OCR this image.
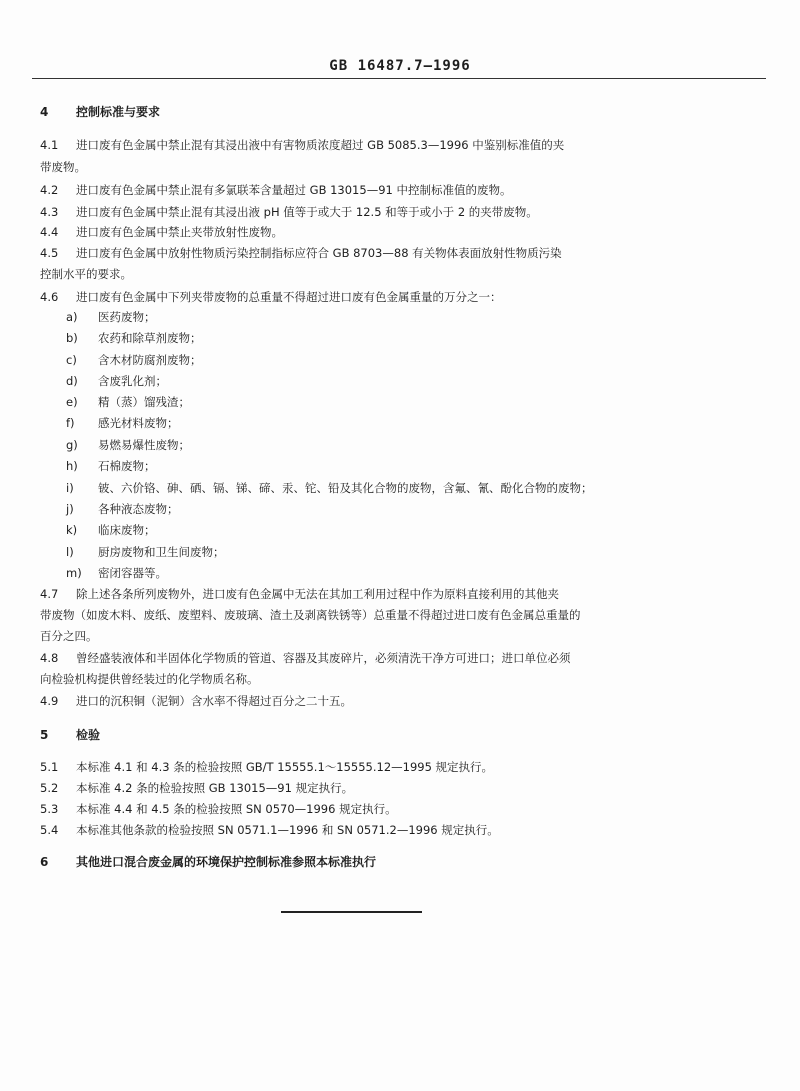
GB 16487.7—1996
4 控制标准与要求
4.1 进口废有色金属中禁止混有其浸出液中有害物质浓度超过 GB 5085.3—1996 中鉴别标准值的夹
带废物。
4.2 进口废有色金属中禁止混有多氯联苯含量超过 GB 13015—91 中控制标准值的废物。
4.3 进口废有色金属中禁止混有其浸出液 pH 值等于或大于 12.5 和等于或小于 2 的夹带废物。
4.4 进口废有色金属中禁止夹带放射性废物。
4.5 进口废有色金属中放射性物质污染控制指标应符合 GB 8703—88 有关物体表面放射性物质污染
控制水平的要求。
4.6 进口废有色金属中下列夹带废物的总重量不得超过进口废有色金属重量的万分之一：
a) 医药废物；
b) 农药和除草剂废物；
c) 含木材防腐剂废物；
d) 含废乳化剂；
e) 精（蒸）馏残渣；
f) 感光材料废物；
g) 易燃易爆性废物；
h) 石棉废物；
i) 铍、六价铬、砷、硒、镉、锑、碲、汞、铊、铅及其化合物的废物，含氟、氰、酚化合物的废物；
j) 各种液态废物；
k) 临床废物；
l) 厨房废物和卫生间废物；
m) 密闭容器等。
4.7 除上述各条所列废物外，进口废有色金属中无法在其加工利用过程中作为原料直接利用的其他夹
带废物（如废木料、废纸、废塑料、废玻璃、渣土及剥离铁锈等）总重量不得超过进口废有色金属总重量的
百分之四。
4.8 曾经盛装液体和半固体化学物质的管道、容器及其废碎片，必须清洗干净方可进口；进口单位必须
向检验机构提供曾经装过的化学物质名称。
4.9 进口的沉积铜（泥铜）含水率不得超过百分之二十五。
5 检验
5.1 本标准 4.1 和 4.3 条的检验按照 GB/T 15555.1～15555.12—1995 规定执行。
5.2 本标准 4.2 条的检验按照 GB 13015—91 规定执行。
5.3 本标准 4.4 和 4.5 条的检验按照 SN 0570—1996 规定执行。
5.4 本标准其他条款的检验按照 SN 0571.1—1996 和 SN 0571.2—1996 规定执行。
6 其他进口混合废金属的环境保护控制标准参照本标准执行
